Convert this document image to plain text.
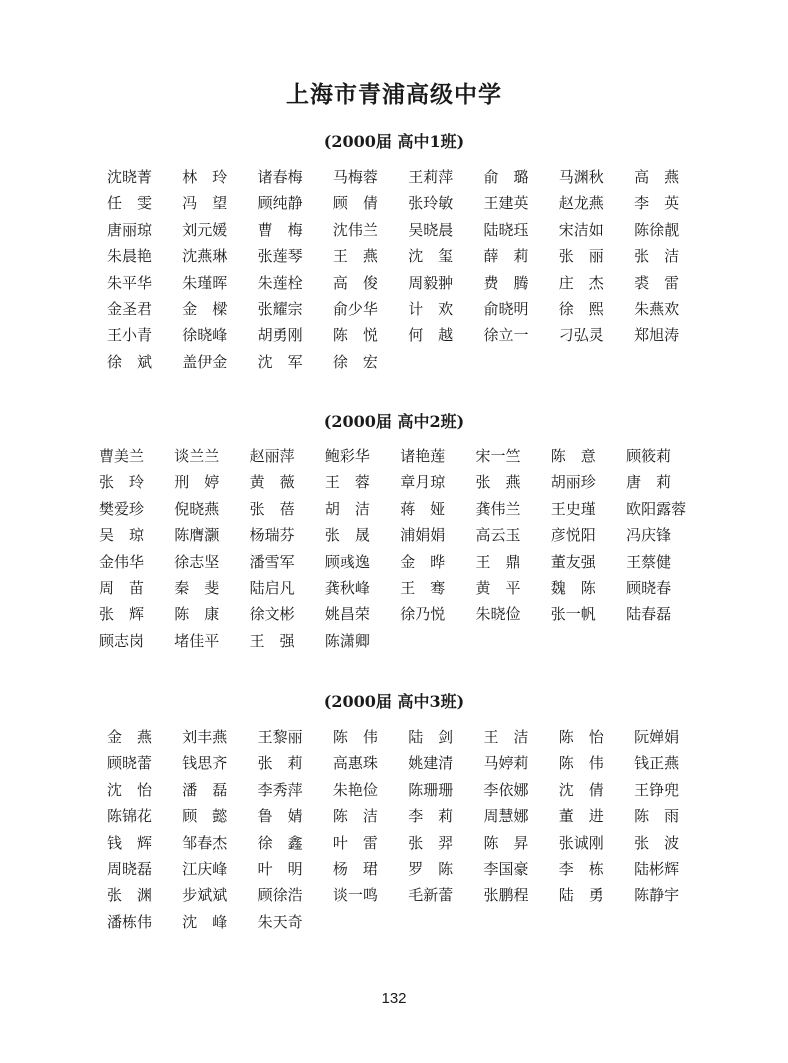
上海市青浦高级中学
(2000届 高中1班)
沈晓菁 林 玲 诸春梅 马梅蓉 王莉萍 俞 璐 马渊秋 高 燕
任 雯 冯 望 顾纯静 顾 倩 张玲敏 王建英 赵龙燕 李 英
唐丽琼 刘元媛 曹 梅 沈伟兰 吴晓晨 陆晓珏 宋洁如 陈徐靓
朱晨艳 沈燕琳 张莲琴 王 燕 沈 玺 薛 莉 张 丽 张 洁
朱平华 朱瑾晖 朱莲栓 高 俊 周毅翀 费 腾 庄 杰 裘 雷
金圣君 金 樑 张耀宗 俞少华 计 欢 俞晓明 徐 熙 朱燕欢
王小青 徐晓峰 胡勇刚 陈 悦 何 越 徐立一 刁弘灵 郑旭涛
徐 斌 盖伊金 沈 军 徐 宏
(2000届 高中2班)
曹美兰 谈兰兰 赵丽萍 鲍彩华 诸艳莲 宋一竺 陈 意 顾筱莉
张 玲 刑 婷 黄 薇 王 蓉 章月琼 张 燕 胡丽珍 唐 莉
樊爱珍 倪晓燕 张 蓓 胡 洁 蒋 娅 龚伟兰 王史瑾 欧阳露蓉
吴 琼 陈膺灏 杨瑞芬 张 晟 浦娟娟 高云玉 彦悦阳 冯庆锋
金伟华 徐志坚 潘雪军 顾彧逸 金 晔 王 鼎 董友强 王蔡健
周 苗 秦 斐 陆启凡 龚秋峰 王 骞 黄 平 魏 陈 顾晓春
张 辉 陈 康 徐文彬 姚昌荣 徐乃悦 朱晓俭 张一帆 陆春磊
顾志岗 堵佳平 王 强 陈潇卿
(2000届 高中3班)
金 燕 刘丰燕 王黎丽 陈 伟 陆 剑 王 洁 陈 怡 阮婵娟
顾晓蕾 钱思齐 张 莉 高惠珠 姚建清 马婷莉 陈 伟 钱正燕
沈 怡 潘 磊 李秀萍 朱艳俭 陈珊珊 李依娜 沈 倩 王铮兜
陈锦花 顾 懿 鲁 婧 陈 洁 李 莉 周慧娜 董 进 陈 雨
钱 辉 邹春杰 徐 鑫 叶 雷 张 羿 陈 昇 张诚刚 张 波
周晓磊 江庆峰 叶 明 杨 珺 罗 陈 李国豪 李 栋 陆彬辉
张 渊 步斌斌 顾徐浩 谈一鸣 毛新蕾 张鹏程 陆 勇 陈静宇
潘栋伟 沈 峰 朱天奇
132
